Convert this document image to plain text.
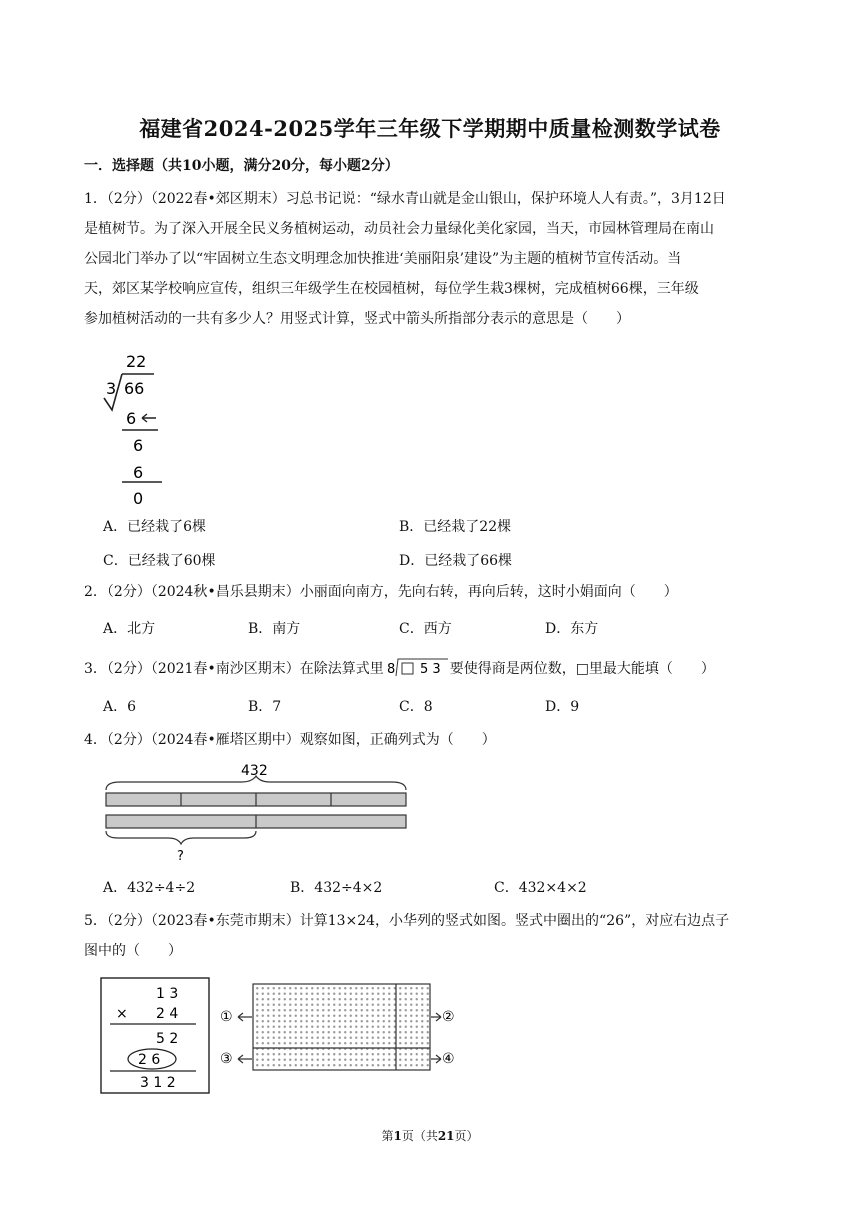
福建省2024-2025学年三年级下学期期中质量检测数学试卷
一．选择题（共10小题，满分20分，每小题2分）
1．（2分）（2022春•郊区期末）习总书记说：“绿水青山就是金山银山，保护环境人人有责。”，3月12日
是植树节。为了深入开展全民义务植树运动，动员社会力量绿化美化家园，当天，市园林管理局在南山
公园北门举办了以“牢固树立生态文明理念加快推进‘美丽阳泉’建设”为主题的植树节宣传活动。当
天，郊区某学校响应宣传，组织三年级学生在校园植树，每位学生栽3棵树，完成植树66棵，三年级
参加植树活动的一共有多少人？用竖式计算，竖式中箭头所指部分表示的意思是（　　）
22
3 66
6
6
6
0
A．已经栽了6棵	B．已经栽了22棵
C．已经栽了60棵	D．已经栽了66棵
2．（2分）（2024秋•昌乐县期末）小丽面向南方，先向右转，再向后转，这时小娟面向（　　）
A．北方	B．南方	C．西方	D．东方
3．（2分）（2021春•南沙区期末）在除法算式里 8 5 3 要使得商是两位数，□里最大能填（　　）
A．6	B．7	C．8	D．9
4．（2分）（2024春•雁塔区期中）观察如图，正确列式为（　　）
432
?
A．432÷4÷2	B．432÷4×2	C．432×4×2
5．（2分）（2023春•东莞市期末）计算13×24，小华列的竖式如图。竖式中圈出的“26”，对应右边点子
图中的（　　）
1 3
× 2 4
5 2
2 6
3 1 2
①	②
③	④
第1页（共21页）
